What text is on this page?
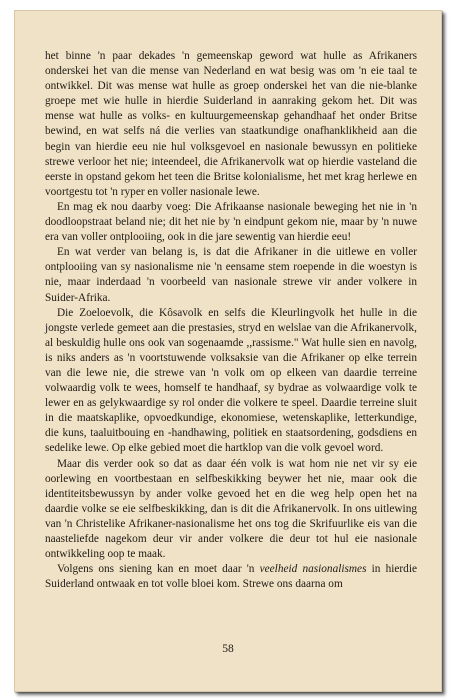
het binne 'n paar dekades 'n gemeenskap geword wat hulle as Afrikaners onderskei het van die mense van Nederland en wat besig was om 'n eie taal te ontwikkel. Dit was mense wat hulle as groep onderskei het van die nie-blanke groepe met wie hulle in hierdie Suiderland in aanraking gekom het. Dit was mense wat hulle as volks- en kultuurgemeenskap gehandhaaf het onder Britse bewind, en wat selfs ná die verlies van staatkundige onafhanklikheid aan die begin van hierdie eeu nie hul volksgevoel en nasionale bewussyn en politieke strewe verloor het nie; inteendeel, die Afrikanervolk wat op hierdie vasteland die eerste in opstand gekom het teen die Britse kolonialisme, het met krag herlewe en voortgestu tot 'n ryper en voller nasionale lewe.

En mag ek nou daarby voeg: Die Afrikaanse nasionale beweging het nie in 'n doodloopstraat beland nie; dit het nie by 'n eindpunt gekom nie, maar by 'n nuwe era van voller ontplooiing, ook in die jare sewentig van hierdie eeu!

En wat verder van belang is, is dat die Afrikaner in die uitlewe en voller ontplooiing van sy nasionalisme nie 'n eensame stem roepende in die woestyn is nie, maar inderdaad 'n voorbeeld van nasionale strewe vir ander volkere in Suider-Afrika.

Die Zoeloevolk, die Kôsavolk en selfs die Kleurlingvolk het hulle in die jongste verlede gemeet aan die prestasies, stryd en welslae van die Afrikanervolk, al beskuldig hulle ons ook van sogenaamde ,,rassisme." Wat hulle sien en navolg, is niks anders as 'n voortstuwende volksaksie van die Afrikaner op elke terrein van die lewe nie, die strewe van 'n volk om op elkeen van daardie terreine volwaardig volk te wees, homself te handhaaf, sy bydrae as volwaardige volk te lewer en as gelykwaardige sy rol onder die volkere te speel. Daardie terreine sluit in die maatskaplike, opvoedkundige, ekonomiese, wetenskaplike, letterkundige, die kuns, taaluitbouing en -handhawing, politiek en staatsordening, godsdiens en sedelike lewe. Op elke gebied moet die hartklop van die volk gevoel word.

Maar dis verder ook so dat as daar één volk is wat hom nie net vir sy eie oorlewing en voortbestaan en selfbeskikking beywer het nie, maar ook die identiteitsbewussyn by ander volke gevoed het en die weg help open het na daardie volke se eie selfbeskikking, dan is dit die Afrikanervolk. In ons uitlewing van 'n Christelike Afrikaner-nasionalisme het ons tog die Skrifuurlike eis van die naasteliefde nagekom deur vir ander volkere die deur tot hul eie nasionale ontwikkeling oop te maak.

Volgens ons siening kan en moet daar 'n veelheid nasionalismes in hierdie Suiderland ontwaak en tot volle bloei kom. Strewe ons daarna om

58
